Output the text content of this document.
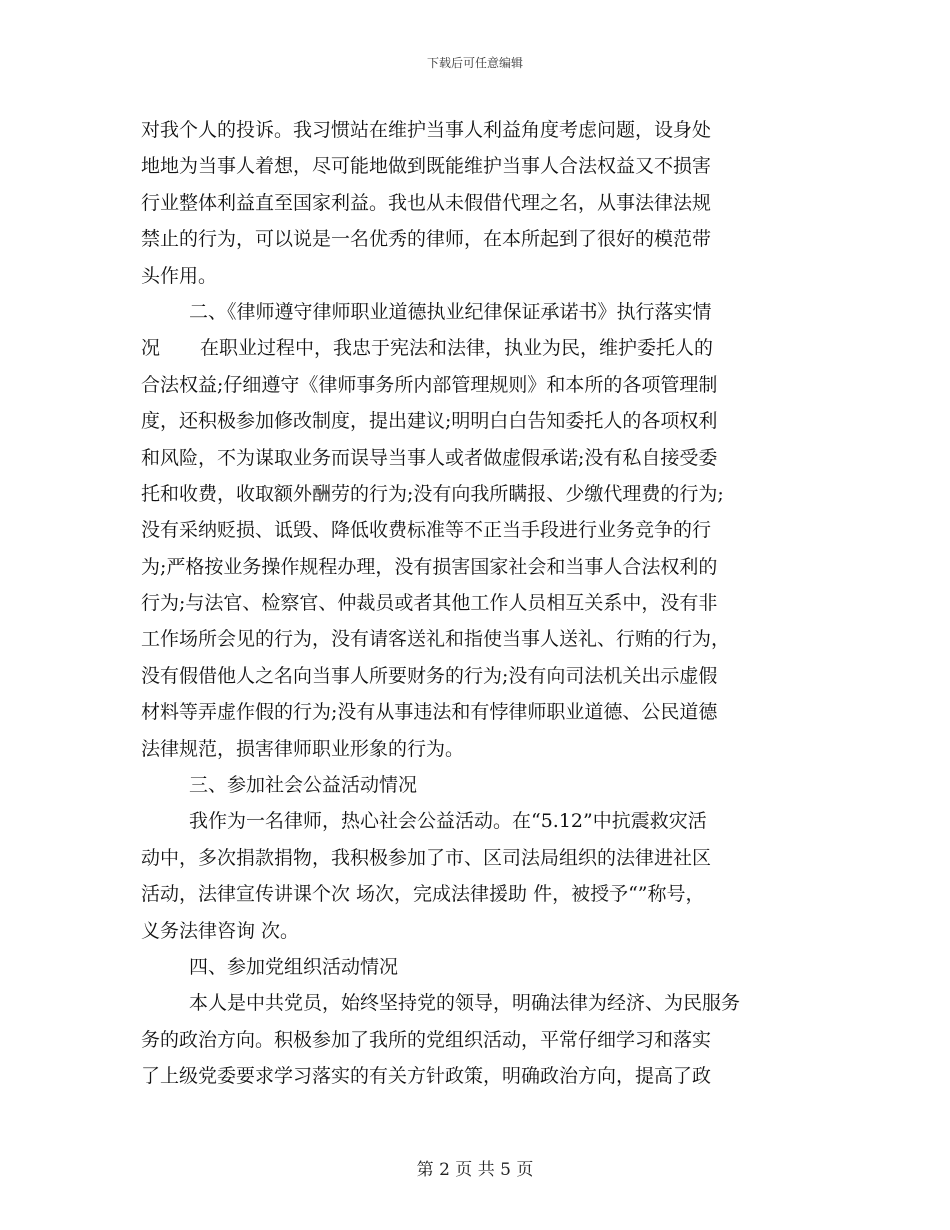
下载后可任意编辑
对我个人的投诉。我习惯站在维护当事人利益角度考虑问题，设身处
地地为当事人着想，尽可能地做到既能维护当事人合法权益又不损害
行业整体利益直至国家利益。我也从未假借代理之名，从事法律法规
禁止的行为，可以说是一名优秀的律师，在本所起到了很好的模范带
头作用。
二、《律师遵守律师职业道德执业纪律保证承诺书》执行落实情
况 在职业过程中，我忠于宪法和法律，执业为民，维护委托人的
合法权益;仔细遵守《律师事务所内部管理规则》和本所的各项管理制
度，还积极参加修改制度，提出建议;明明白白告知委托人的各项权利
和风险，不为谋取业务而误导当事人或者做虚假承诺;没有私自接受委
托和收费，收取额外酬劳的行为;没有向我所瞒报、少缴代理费的行为;
没有采纳贬损、诋毁、降低收费标准等不正当手段进行业务竞争的行
为;严格按业务操作规程办理，没有损害国家社会和当事人合法权利的
行为;与法官、检察官、仲裁员或者其他工作人员相互关系中，没有非
工作场所会见的行为，没有请客送礼和指使当事人送礼、行贿的行为，
没有假借他人之名向当事人所要财务的行为;没有向司法机关出示虚假
材料等弄虚作假的行为;没有从事违法和有悖律师职业道德、公民道德
法律规范，损害律师职业形象的行为。
三、参加社会公益活动情况
我作为一名律师，热心社会公益活动。在“5.12”中抗震救灾活
动中，多次捐款捐物，我积极参加了市、区司法局组织的法律进社区
活动，法律宣传讲课个次 场次，完成法律援助 件，被授予“”称号，
义务法律咨询 次。
四、参加党组织活动情况
本人是中共党员，始终坚持党的领导，明确法律为经济、为民服务
务的政治方向。积极参加了我所的党组织活动，平常仔细学习和落实
了上级党委要求学习落实的有关方针政策，明确政治方向，提高了政
第 2 页 共 5 页
